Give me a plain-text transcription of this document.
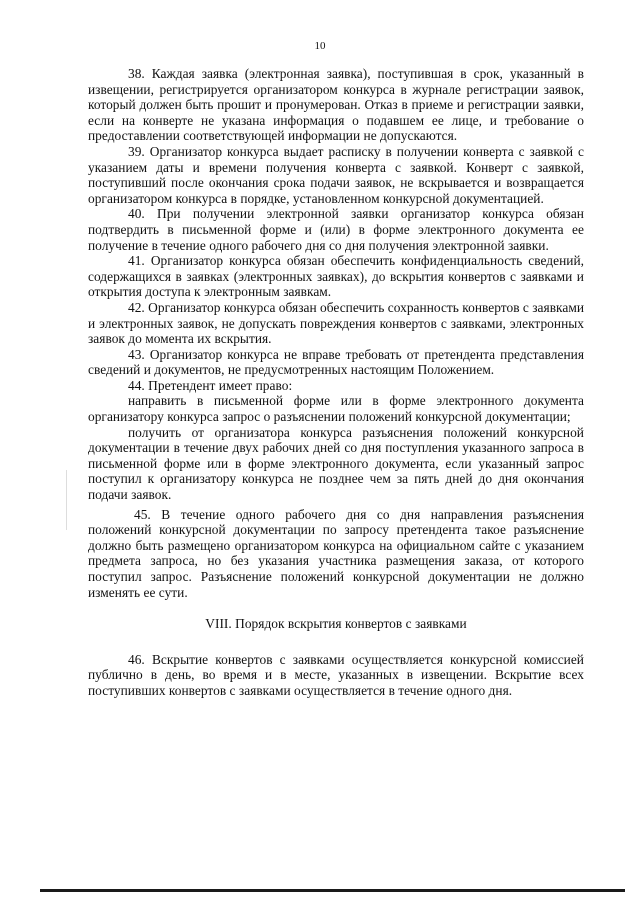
10

38. Каждая заявка (электронная заявка), поступившая в срок, указанный в извещении, регистрируется организатором конкурса в журнале регистрации заявок, который должен быть прошит и пронумерован. Отказ в приеме и регистрации заявки, если на конверте не указана информация о подавшем ее лице, и требование о предоставлении соответствующей информации не допускаются.

39. Организатор конкурса выдает расписку в получении конверта с заявкой с указанием даты и времени получения конверта с заявкой. Конверт с заявкой, поступивший после окончания срока подачи заявок, не вскрывается и возвращается организатором конкурса в порядке, установленном конкурсной документацией.

40. При получении электронной заявки организатор конкурса обязан подтвердить в письменной форме и (или) в форме электронного документа ее получение в течение одного рабочего дня со дня получения электронной заявки.

41. Организатор конкурса обязан обеспечить конфиденциальность сведений, содержащихся в заявках (электронных заявках), до вскрытия конвертов с заявками и открытия доступа к электронным заявкам.

42. Организатор конкурса обязан обеспечить сохранность конвертов с заявками и электронных заявок, не допускать повреждения конвертов с заявками, электронных заявок до момента их вскрытия.

43. Организатор конкурса не вправе требовать от претендента представления сведений и документов, не предусмотренных настоящим Положением.

44. Претендент имеет право:

направить в письменной форме или в форме электронного документа организатору конкурса запрос о разъяснении положений конкурсной документации;

получить от организатора конкурса разъяснения положений конкурсной документации в течение двух рабочих дней со дня поступления указанного запроса в письменной форме или в форме электронного документа, если указанный запрос поступил к организатору конкурса не позднее чем за пять дней до дня окончания подачи заявок.

45. В течение одного рабочего дня со дня направления разъяснения положений конкурсной документации по запросу претендента такое разъяснение должно быть размещено организатором конкурса на официальном сайте с указанием предмета запроса, но без указания участника размещения заказа, от которого поступил запрос. Разъяснение положений конкурсной документации не должно изменять ее сути.

VIII. Порядок вскрытия конвертов с заявками

46. Вскрытие конвертов с заявками осуществляется конкурсной комиссией публично в день, во время и в месте, указанных в извещении. Вскрытие всех поступивших конвертов с заявками осуществляется в течение одного дня.
